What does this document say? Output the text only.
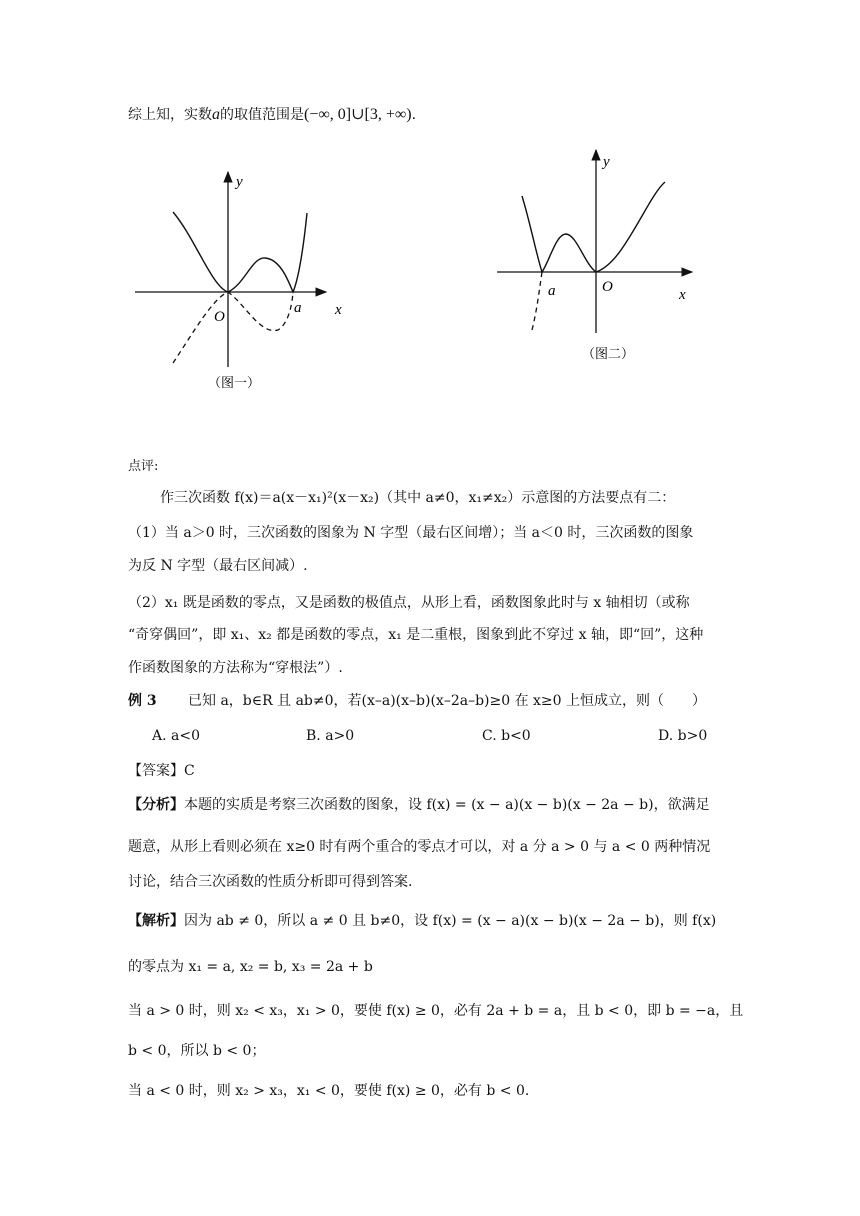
综上知，实数a的取值范围是(−∞, 0]∪[3, +∞).
y
x
O
a
（图一）
y
x
O
a
（图二）
点评:
作三次函数 f(x)＝a(x－x₁)²(x－x₂)（其中 a≠0，x₁≠x₂）示意图的方法要点有二：
（1）当 a＞0 时，三次函数的图象为 N 字型（最右区间增）；当 a＜0 时，三次函数的图象
为反 N 字型（最右区间减）.
（2）x₁ 既是函数的零点，又是函数的极值点，从形上看，函数图象此时与 x 轴相切（或称
“奇穿偶回”，即 x₁、x₂ 都是函数的零点，x₁ 是二重根，图象到此不穿过 x 轴，即“回”，这种
作函数图象的方法称为“穿根法”）.
例 3 已知 a，b∈R 且 ab≠0，若(x–a)(x–b)(x–2a–b)≥0 在 x≥0 上恒成立，则（　　）
A. a<0	B. a>0	C. b<0	D. b>0
【答案】C
【分析】本题的实质是考察三次函数的图象，设 f(x) = (x − a)(x − b)(x − 2a − b)，欲满足
题意，从形上看则必须在 x≥0 时有两个重合的零点才可以，对 a 分 a > 0 与 a < 0 两种情况
讨论，结合三次函数的性质分析即可得到答案.
【解析】因为 ab ≠ 0，所以 a ≠ 0 且 b≠0，设 f(x) = (x − a)(x − b)(x − 2a − b)，则 f(x)
的零点为 x₁ = a, x₂ = b, x₃ = 2a + b
当 a > 0 时，则 x₂ < x₃，x₁ > 0，要使 f(x) ≥ 0，必有 2a + b = a，且 b < 0，即 b = −a，且
b < 0，所以 b < 0；
当 a < 0 时，则 x₂ > x₃，x₁ < 0，要使 f(x) ≥ 0，必有 b < 0.
